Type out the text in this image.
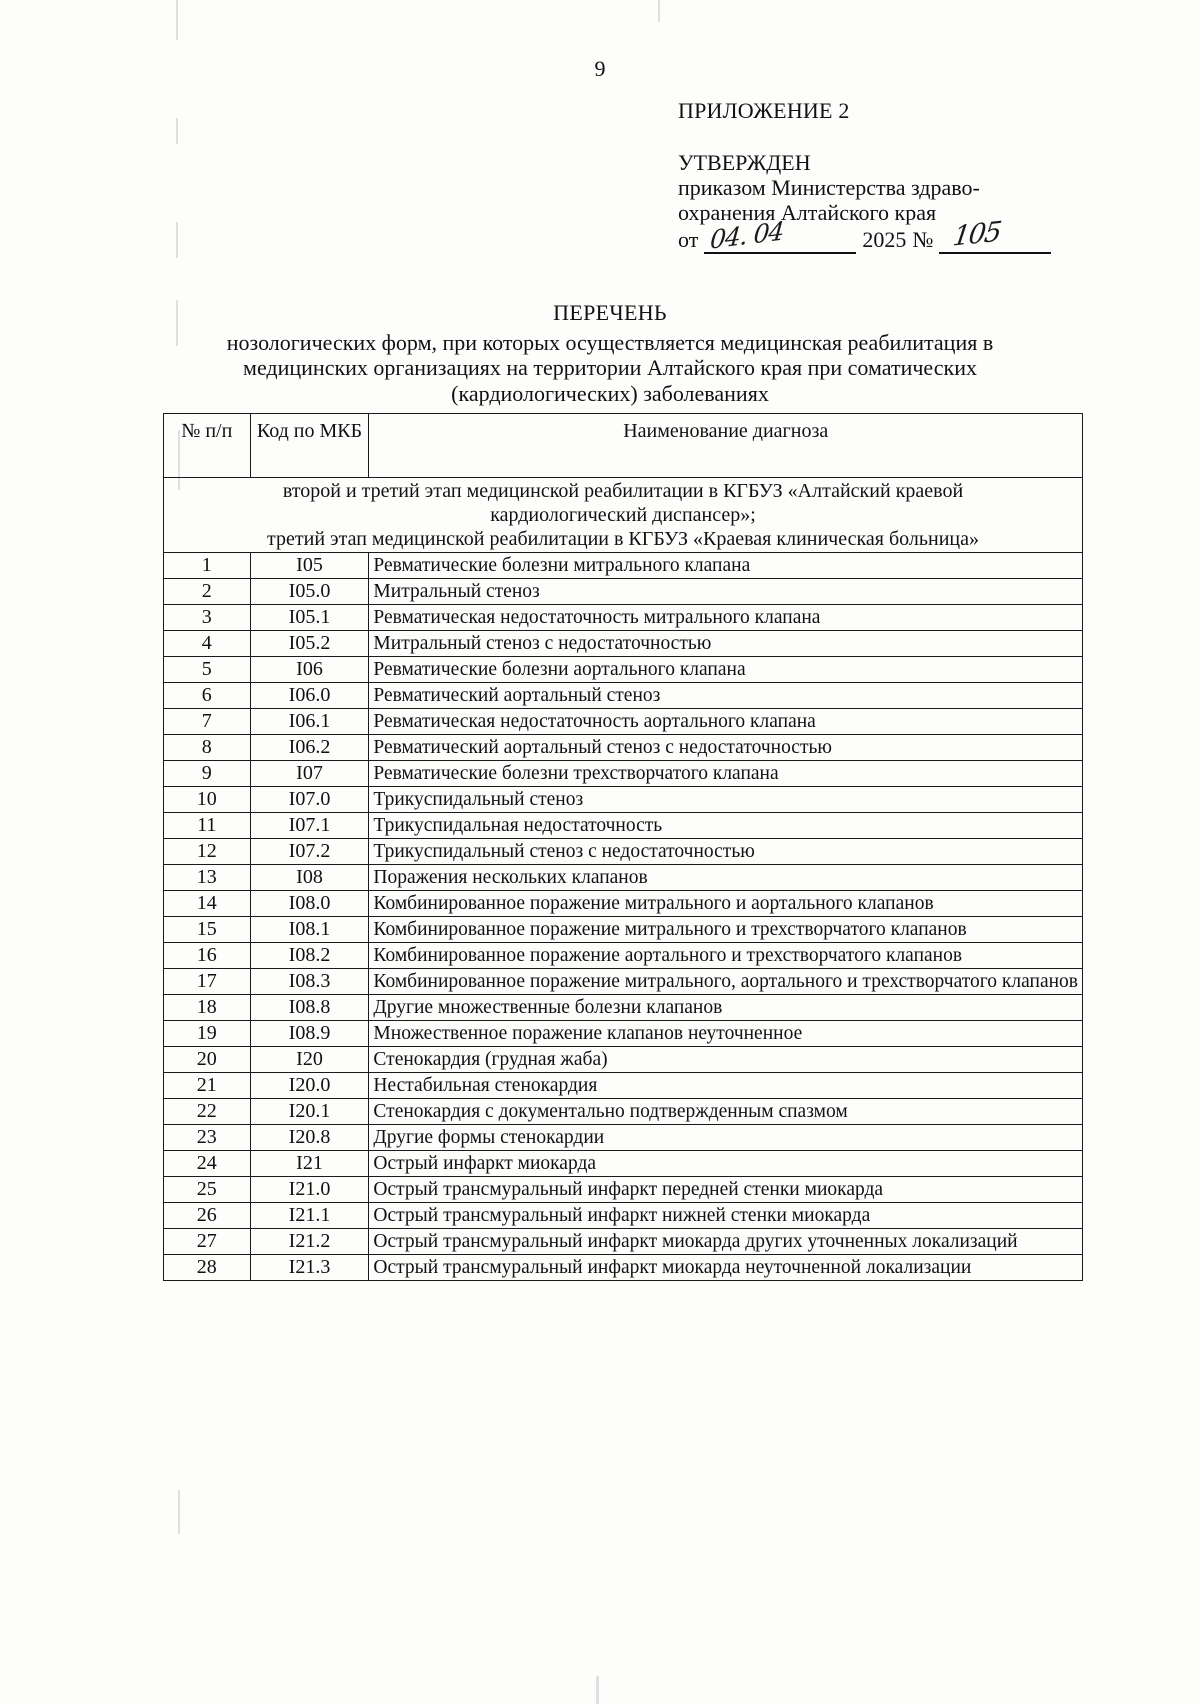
9
ПРИЛОЖЕНИЕ 2
УТВЕРЖДЕН
приказом Министерства здраво-
охранения Алтайского края
от 04. 04	2025 № 105
ПЕРЕЧЕНЬ
нозологических форм, при которых осуществляется медицинская реабилитация в
медицинских организациях на территории Алтайского края при соматических
(кардиологических) заболеваниях
№ п/п	Код по МКБ	Наименование диагноза

второй и третий этап медицинской реабилитации в КГБУЗ «Алтайский краевой
кардиологический диспансер»;
третий этап медицинской реабилитации в КГБУЗ «Краевая клиническая больница»		

1	I05	Ревматические болезни митрального клапана
2	I05.0	Митральный стеноз
3	I05.1	Ревматическая недостаточность митрального клапана
4	I05.2	Митральный стеноз с недостаточностью
5	I06	Ревматические болезни аортального клапана
6	I06.0	Ревматический аортальный стеноз
7	I06.1	Ревматическая недостаточность аортального клапана
8	I06.2	Ревматический аортальный стеноз с недостаточностью
9	I07	Ревматические болезни трехстворчатого клапана
10	I07.0	Трикуспидальный стеноз
11	I07.1	Трикуспидальная недостаточность
12	I07.2	Трикуспидальный стеноз с недостаточностью
13	I08	Поражения нескольких клапанов
14	I08.0	Комбинированное поражение митрального и аортального клапанов
15	I08.1	Комбинированное поражение митрального и трехстворчатого клапанов
16	I08.2	Комбинированное поражение аортального и трехстворчатого клапанов
17	I08.3	Комбинированное поражение митрального, аортального и трехстворчатого клапанов
18	I08.8	Другие множественные болезни клапанов
19	I08.9	Множественное поражение клапанов неуточненное
20	I20	Стенокардия (грудная жаба)
21	I20.0	Нестабильная стенокардия
22	I20.1	Стенокардия с документально подтвержденным спазмом
23	I20.8	Другие формы стенокардии
24	I21	Острый инфаркт миокарда
25	I21.0	Острый трансмуральный инфаркт передней стенки миокарда
26	I21.1	Острый трансмуральный инфаркт нижней стенки миокарда
27	I21.2	Острый трансмуральный инфаркт миокарда других уточненных локализаций
28	I21.3	Острый трансмуральный инфаркт миокарда неуточненной локализации
